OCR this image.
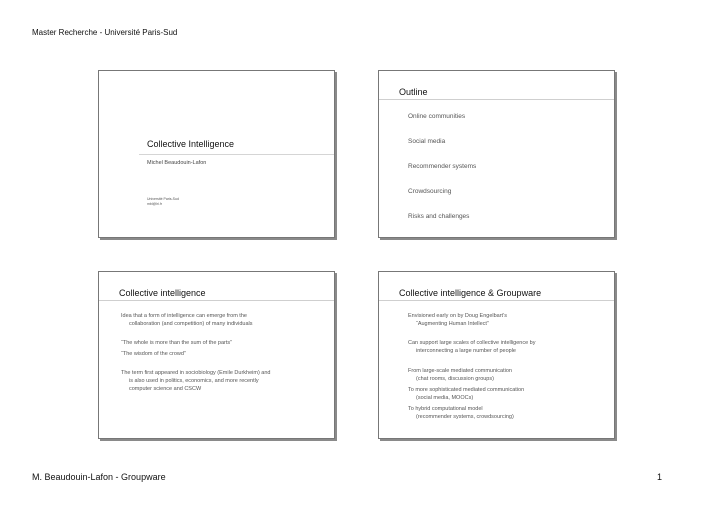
Master Recherche - Université Paris-Sud
Collective Intelligence
Michel Beaudouin-Lafon
Université Paris-Sud
mbl@lri.fr
Outline
Online communities
Social media
Recommender systems
Crowdsourcing
Risks and challenges
Collective intelligence
Idea that a form of intelligence can emerge from the
collaboration (and competition) of many individuals
“The whole is more than the sum of the parts”
“The wisdom of the crowd”
The term first appeared in sociobiology (Emile Durkheim) and
is also used in politics, economics, and more recently
computer science and CSCW
Collective intelligence & Groupware
Envisioned early on by Doug Engelbart’s
“Augmenting Human Intellect”
Can support large scales of collective intelligence by
interconnecting a large number of people
From large-scale mediated communication
(chat rooms, discussion groups)
To more sophisticated mediated communication
(social media, MOOCs)
To hybrid computational model
(recommender systems, crowdsourcing)
M. Beaudouin-Lafon - Groupware	1
